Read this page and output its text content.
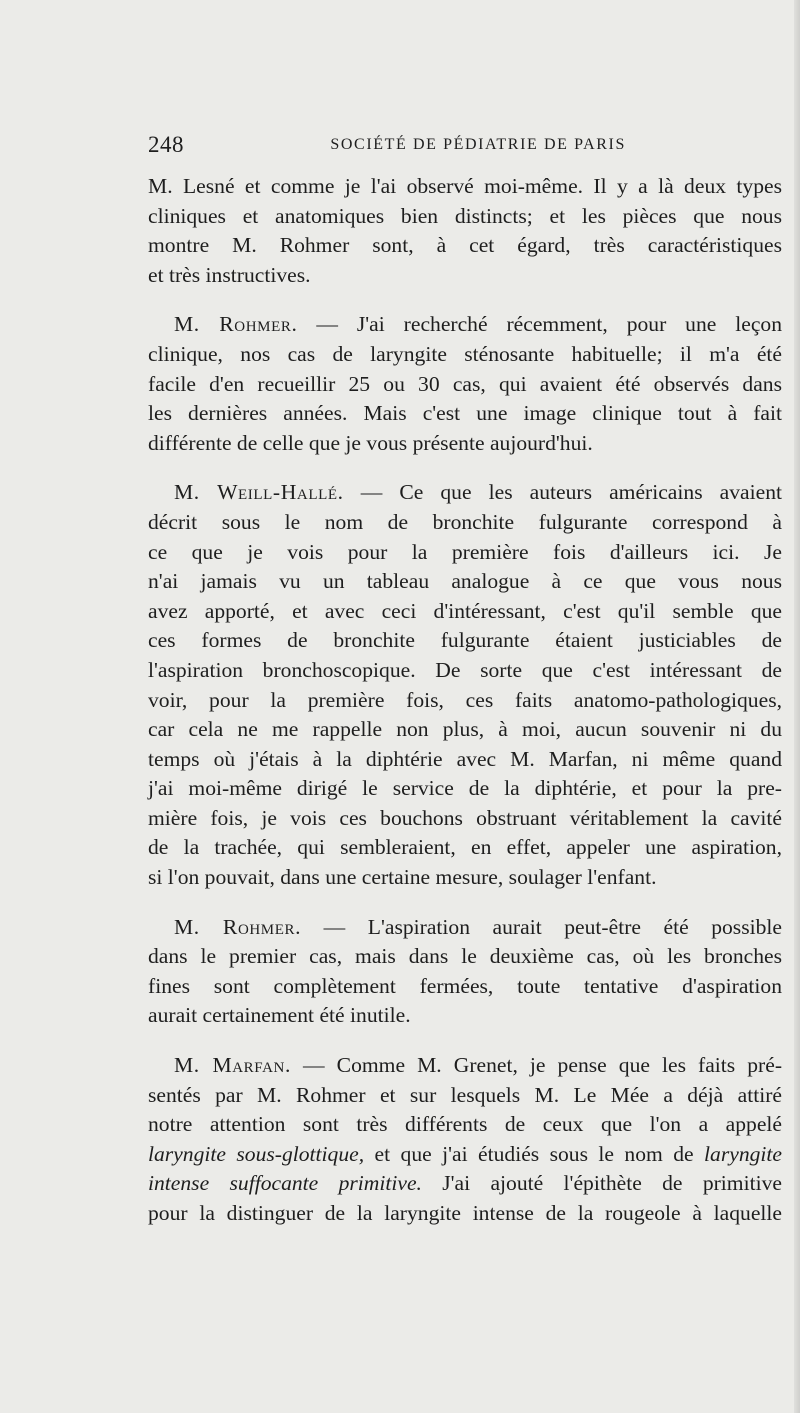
248	SOCIÉTÉ DE PÉDIATRIE DE PARIS

M. Lesné et comme je l'ai observé moi-même. Il y a là deux types
cliniques et anatomiques bien distincts; et les pièces que nous
montre M. Rohmer sont, à cet égard, très caractéristiques
et très instructives.

M. Rohmer. — J'ai recherché récemment, pour une leçon
clinique, nos cas de laryngite sténosante habituelle; il m'a été
facile d'en recueillir 25 ou 30 cas, qui avaient été observés dans
les dernières années. Mais c'est une image clinique tout à fait
différente de celle que je vous présente aujourd'hui.

M. Weill-Hallé. — Ce que les auteurs américains avaient
décrit sous le nom de bronchite fulgurante correspond à
ce que je vois pour la première fois d'ailleurs ici. Je
n'ai jamais vu un tableau analogue à ce que vous nous
avez apporté, et avec ceci d'intéressant, c'est qu'il semble que
ces formes de bronchite fulgurante étaient justiciables de
l'aspiration bronchoscopique. De sorte que c'est intéressant de
voir, pour la première fois, ces faits anatomo-pathologiques,
car cela ne me rappelle non plus, à moi, aucun souvenir ni du
temps où j'étais à la diphtérie avec M. Marfan, ni même quand
j'ai moi-même dirigé le service de la diphtérie, et pour la pre-
mière fois, je vois ces bouchons obstruant véritablement la cavité
de la trachée, qui sembleraient, en effet, appeler une aspiration,
si l'on pouvait, dans une certaine mesure, soulager l'enfant.

M. Rohmer. — L'aspiration aurait peut-être été possible
dans le premier cas, mais dans le deuxième cas, où les bronches
fines sont complètement fermées, toute tentative d'aspiration
aurait certainement été inutile.

M. Marfan. — Comme M. Grenet, je pense que les faits pré-
sentés par M. Rohmer et sur lesquels M. Le Mée a déjà attiré
notre attention sont très différents de ceux que l'on a appelé
laryngite sous-glottique, et que j'ai étudiés sous le nom de laryngite
intense suffocante primitive. J'ai ajouté l'épithète de primitive
pour la distinguer de la laryngite intense de la rougeole à laquelle
